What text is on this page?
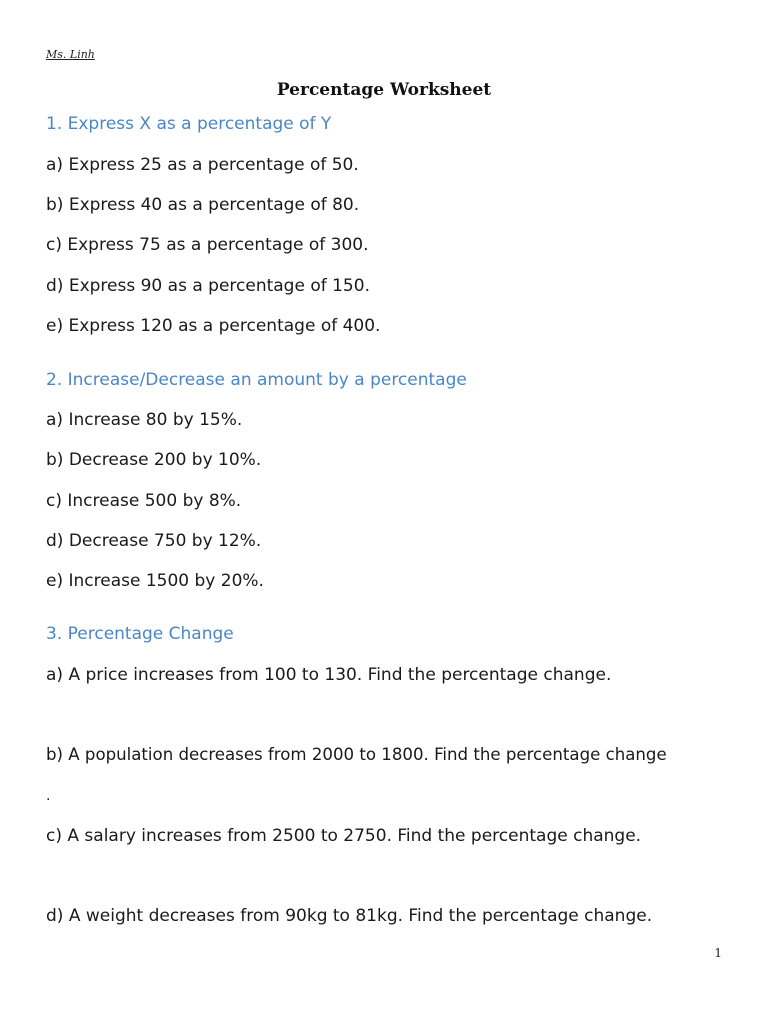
Ms. Linh
Percentage Worksheet
1. Express X as a percentage of Y
a) Express 25 as a percentage of 50.
b) Express 40 as a percentage of 80.
c) Express 75 as a percentage of 300.
d) Express 90 as a percentage of 150.
e) Express 120 as a percentage of 400.
2. Increase/Decrease an amount by a percentage
a) Increase 80 by 15%.
b) Decrease 200 by 10%.
c) Increase 500 by 8%.
d) Decrease 750 by 12%.
e) Increase 1500 by 20%.
3. Percentage Change
a) A price increases from 100 to 130. Find the percentage change.
b) A population decreases from 2000 to 1800. Find the percentage change
.
c) A salary increases from 2500 to 2750. Find the percentage change.
d) A weight decreases from 90kg to 81kg. Find the percentage change.
1
